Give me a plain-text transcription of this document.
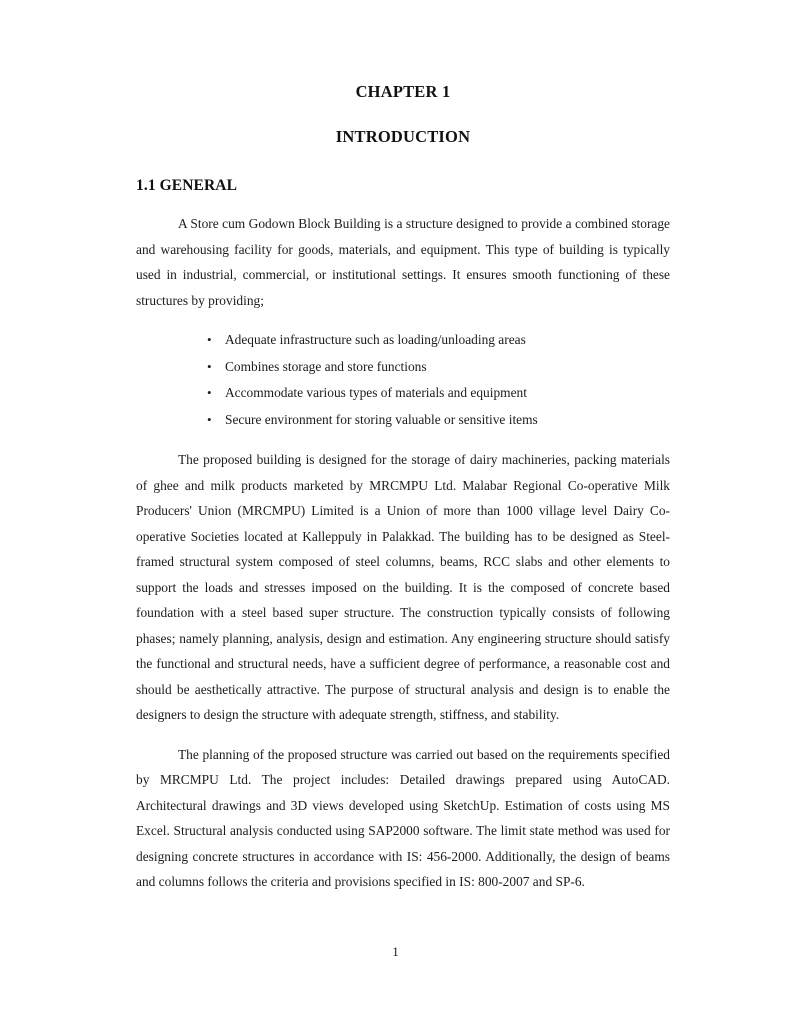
CHAPTER 1
INTRODUCTION
1.1 GENERAL

A Store cum Godown Block Building is a structure designed to provide a combined storage and warehousing facility for goods, materials, and equipment. This type of building is typically used in industrial, commercial, or institutional settings. It ensures smooth functioning of these structures by providing;

• Adequate infrastructure such as loading/unloading areas
• Combines storage and store functions
• Accommodate various types of materials and equipment
• Secure environment for storing valuable or sensitive items

The proposed building is designed for the storage of dairy machineries, packing materials of ghee and milk products marketed by MRCMPU Ltd. Malabar Regional Co-operative Milk Producers' Union (MRCMPU) Limited is a Union of more than 1000 village level Dairy Co-operative Societies located at Kalleppuly in Palakkad. The building has to be designed as Steel-framed structural system composed of steel columns, beams, RCC slabs and other elements to support the loads and stresses imposed on the building. It is the composed of concrete based foundation with a steel based super structure. The construction typically consists of following phases; namely planning, analysis, design and estimation. Any engineering structure should satisfy the functional and structural needs, have a sufficient degree of performance, a reasonable cost and should be aesthetically attractive. The purpose of structural analysis and design is to enable the designers to design the structure with adequate strength, stiffness, and stability.

The planning of the proposed structure was carried out based on the requirements specified by MRCMPU Ltd. The project includes: Detailed drawings prepared using AutoCAD. Architectural drawings and 3D views developed using SketchUp. Estimation of costs using MS Excel. Structural analysis conducted using SAP2000 software. The limit state method was used for designing concrete structures in accordance with IS: 456-2000. Additionally, the design of beams and columns follows the criteria and provisions specified in IS: 800-2007 and SP-6.

1
